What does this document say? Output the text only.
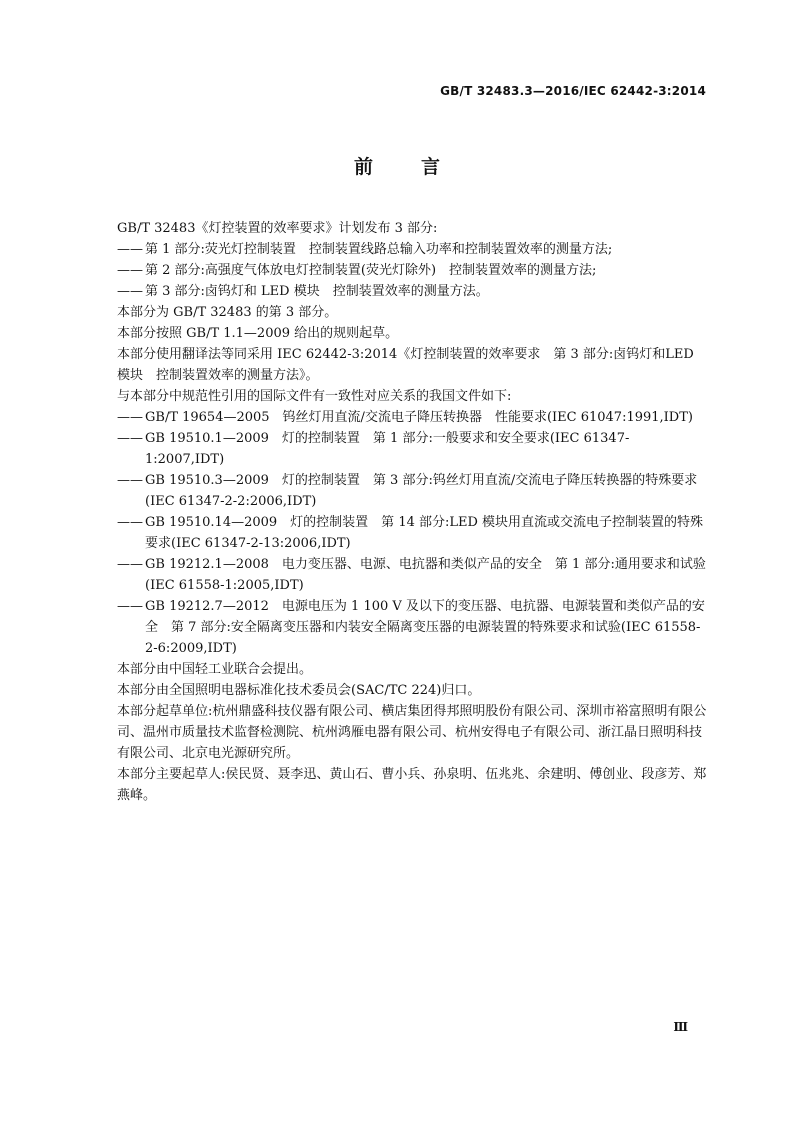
GB/T 32483.3—2016/IEC 62442-3:2014
前言

GB/T 32483《灯控装置的效率要求》计划发布 3 部分:

—— 第 1 部分:荧光灯控制装置　控制装置线路总输入功率和控制装置效率的测量方法;

—— 第 2 部分:高强度气体放电灯控制装置(荧光灯除外)　控制装置效率的测量方法;

—— 第 3 部分:卤钨灯和 LED 模块　控制装置效率的测量方法。

本部分为 GB/T 32483 的第 3 部分。

本部分按照 GB/T 1.1—2009 给出的规则起草。

本部分使用翻译法等同采用 IEC 62442-3:2014《灯控制装置的效率要求　第 3 部分:卤钨灯和LED 模块　控制装置效率的测量方法》。

与本部分中规范性引用的国际文件有一致性对应关系的我国文件如下:

—— GB/T 19654—2005　钨丝灯用直流/交流电子降压转换器　性能要求(IEC 61047:1991,IDT)

—— GB 19510.1—2009　灯的控制装置　第 1 部分:一般要求和安全要求(IEC 61347-1:2007,IDT)

—— GB 19510.3—2009　灯的控制装置　第 3 部分:钨丝灯用直流/交流电子降压转换器的特殊要求(IEC 61347-2-2:2006,IDT)

—— GB 19510.14—2009　灯的控制装置　第 14 部分:LED 模块用直流或交流电子控制装置的特殊要求(IEC 61347-2-13:2006,IDT)

—— GB 19212.1—2008　电力变压器、电源、电抗器和类似产品的安全　第 1 部分:通用要求和试验(IEC 61558-1:2005,IDT)

—— GB 19212.7—2012　电源电压为 1 100 V 及以下的变压器、电抗器、电源装置和类似产品的安全　第 7 部分:安全隔离变压器和内装安全隔离变压器的电源装置的特殊要求和试验(IEC 61558-2-6:2009,IDT)

本部分由中国轻工业联合会提出。

本部分由全国照明电器标准化技术委员会(SAC/TC 224)归口。

本部分起草单位:杭州鼎盛科技仪器有限公司、横店集团得邦照明股份有限公司、深圳市裕富照明有限公司、温州市质量技术监督检测院、杭州鸿雁电器有限公司、杭州安得电子有限公司、浙江晶日照明科技有限公司、北京电光源研究所。

本部分主要起草人:侯民贤、聂李迅、黄山石、曹小兵、孙泉明、伍兆兆、余建明、傅创业、段彦芳、郑燕峰。

Ⅲ
